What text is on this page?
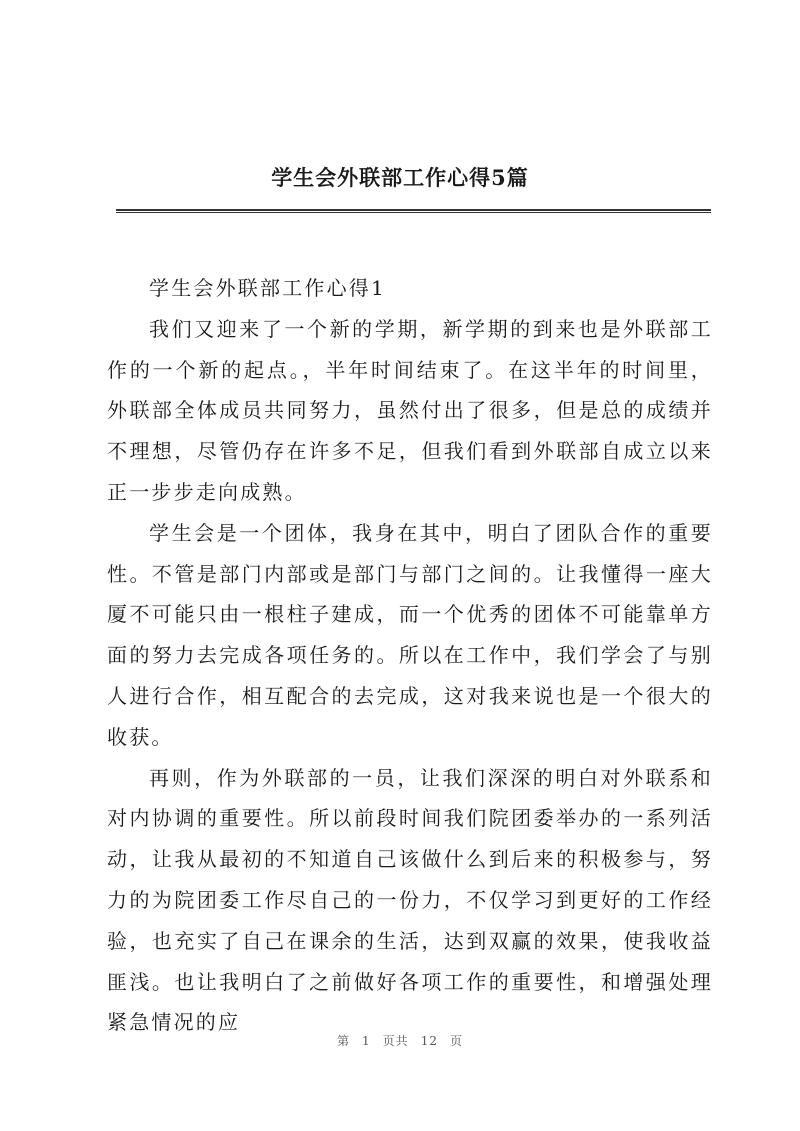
学生会外联部工作心得5篇

学生会外联部工作心得1

我们又迎来了一个新的学期，新学期的到来也是外联部工作的一个新的起点。，半年时间结束了。在这半年的时间里，外联部全体成员共同努力，虽然付出了很多，但是总的成绩并不理想，尽管仍存在许多不足，但我们看到外联部自成立以来正一步步走向成熟。

学生会是一个团体，我身在其中，明白了团队合作的重要性。不管是部门内部或是部门与部门之间的。让我懂得一座大厦不可能只由一根柱子建成，而一个优秀的团体不可能靠单方面的努力去完成各项任务的。所以在工作中，我们学会了与别人进行合作，相互配合的去完成，这对我来说也是一个很大的收获。

再则，作为外联部的一员，让我们深深的明白对外联系和对内协调的重要性。所以前段时间我们院团委举办的一系列活动，让我从最初的不知道自己该做什么到后来的积极参与，努力的为院团委工作尽自己的一份力，不仅学习到更好的工作经验，也充实了自己在课余的生活，达到双赢的效果，使我收益匪浅。也让我明白了之前做好各项工作的重要性，和增强处理紧急情况的应

第 1 页共 12 页
